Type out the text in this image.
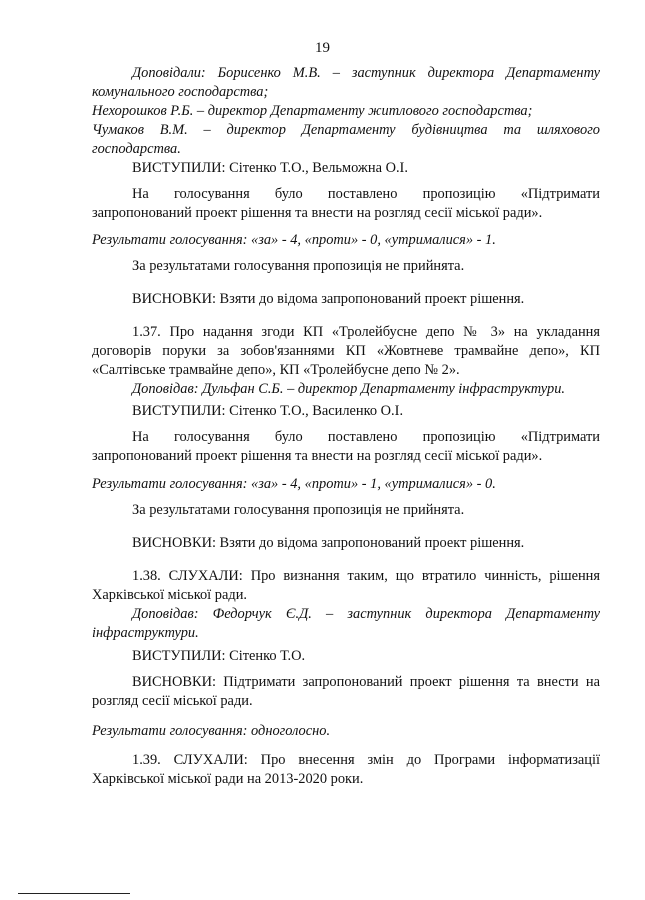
19
Доповідали: Борисенко М.В. – заступник директора Департаменту
комунального господарства;
Нехорошков Р.Б. – директор Департаменту житлового господарства;
Чумаков В.М. – директор Департаменту будівництва та шляхового
господарства.
ВИСТУПИЛИ: Сітенко Т.О., Вельможна О.І.
На голосування було поставлено пропозицію «Підтримати
запропонований проект рішення та внести на розгляд сесії міської ради».
Результати голосування: «за» - 4, «проти» - 0, «утрималися» - 1.
За результатами голосування пропозиція не прийнята.
ВИСНОВКИ: Взяти до відома запропонований проект рішення.
1.37. Про надання згоди КП «Тролейбусне депо № 3» на укладання
договорів поруки за зобов'язаннями КП «Жовтневе трамвайне депо», КП
«Салтівське трамвайне депо», КП «Тролейбусне депо № 2».
Доповідав: Дульфан С.Б. – директор Департаменту інфраструктури.
ВИСТУПИЛИ: Сітенко Т.О., Василенко О.І.
На голосування було поставлено пропозицію «Підтримати
запропонований проект рішення та внести на розгляд сесії міської ради».
Результати голосування: «за» - 4, «проти» - 1, «утрималися» - 0.
За результатами голосування пропозиція не прийнята.
ВИСНОВКИ: Взяти до відома запропонований проект рішення.
1.38. СЛУХАЛИ: Про визнання таким, що втратило чинність, рішення
Харківської міської ради.
Доповідав: Федорчук Є.Д. – заступник директора Департаменту
інфраструктури.
ВИСТУПИЛИ: Сітенко Т.О.
ВИСНОВКИ: Підтримати запропонований проект рішення та внести на
розгляд сесії міської ради.
Результати голосування: одноголосно.
1.39. СЛУХАЛИ: Про внесення змін до Програми інформатизації
Харківської міської ради на 2013-2020 роки.
